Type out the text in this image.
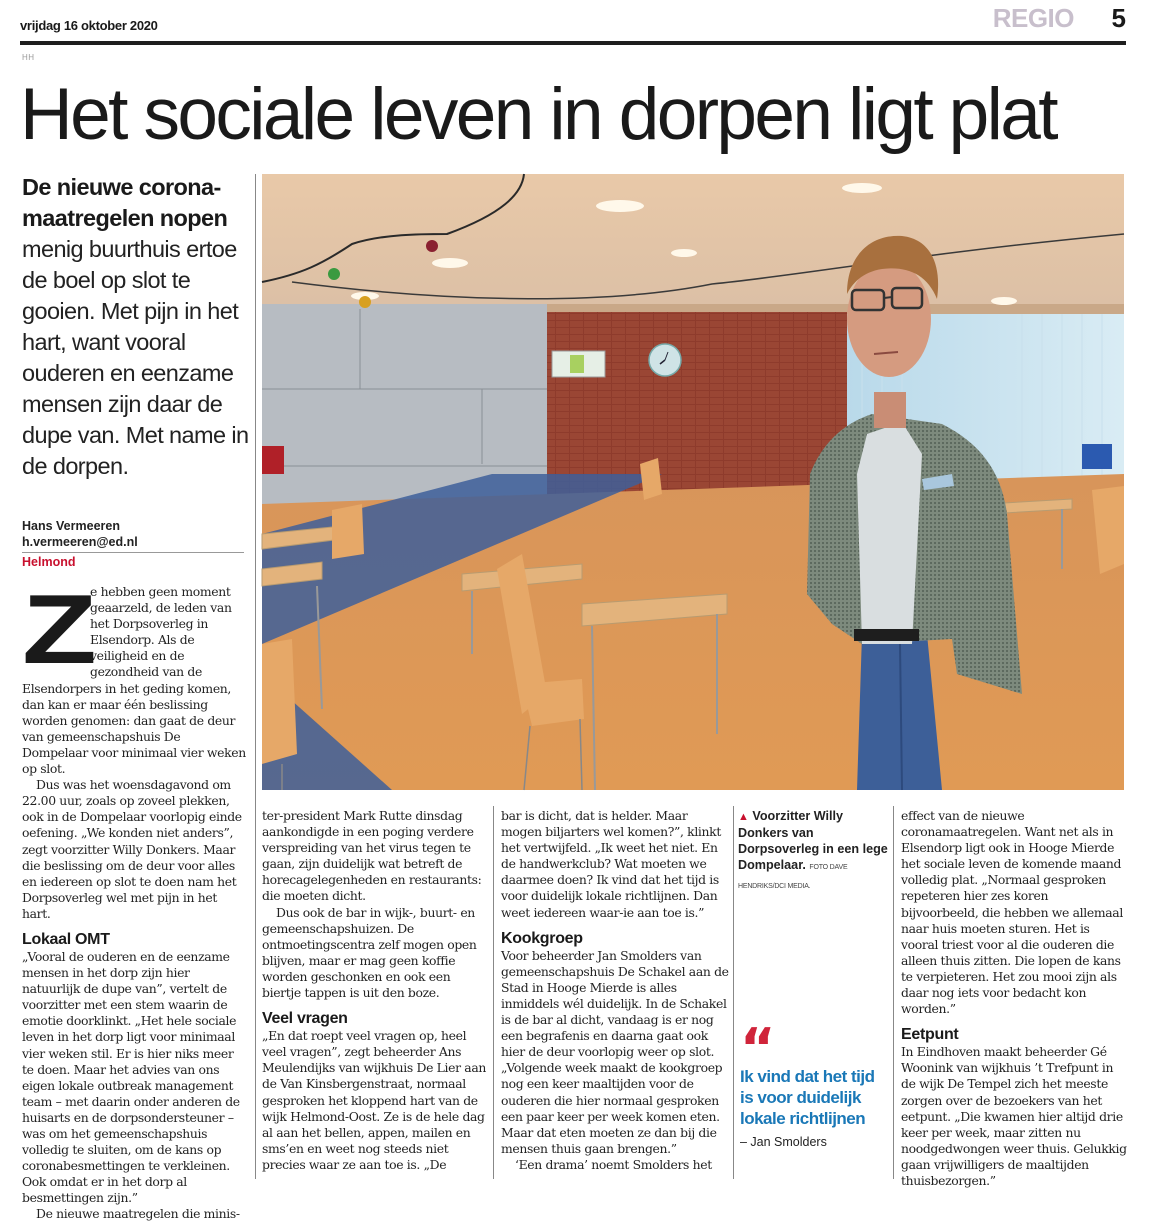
vrijdag 16 oktober 2020	REGIO 5
HH
Het sociale leven in dorpen ligt plat
De nieuwe corona-maatregelen nopen menig buurthuis ertoe de boel op slot te gooien. Met pijn in het hart, want vooral ouderen en eenzame mensen zijn daar de dupe van. Met name in de dorpen.
Hans Vermeeren
h.vermeeren@ed.nl
Helmond
Z

e hebben geen moment geaarzeld, de leden van het Dorpsoverleg in Elsendorp. Als de veiligheid en de gezondheid van de Elsendorpers in het geding komen, dan kan er maar één beslissing worden genomen: dan gaat de deur van gemeenschapshuis De Dompelaar voor minimaal vier weken op slot.

Dus was het woensdagavond om 22.00 uur, zoals op zoveel plekken, ook in de Dompelaar voorlopig einde oefening. „We konden niet anders”, zegt voorzitter Willy Donkers. Maar die beslissing om de deur voor alles en iedereen op slot te doen nam het Dorpsoverleg wel met pijn in het hart.

Lokaal OMT

„Vooral de ouderen en de eenzame mensen in het dorp zijn hier natuurlijk de dupe van”, vertelt de voorzitter met een stem waarin de emotie doorklinkt. „Het hele sociale leven in het dorp ligt voor minimaal vier weken stil. Er is hier niks meer te doen. Maar het advies van ons eigen lokale outbreak management team – met daarin onder anderen de huisarts en de dorpsondersteuner – was om het gemeenschapshuis volledig te sluiten, om de kans op coronabesmettingen te verkleinen. Ook omdat er in het dorp al besmettingen zijn.”

De nieuwe maatregelen die minis-

ter-president Mark Rutte dinsdag aankondigde in een poging verdere verspreiding van het virus tegen te gaan, zijn duidelijk wat betreft de horecagelegenheden en restaurants: die moeten dicht.

Dus ook de bar in wijk-, buurt- en gemeenschapshuizen. De ontmoetingscentra zelf mogen open blijven, maar er mag geen koffie worden geschonken en ook een biertje tappen is uit den boze.

Veel vragen

„En dat roept veel vragen op, heel veel vragen”, zegt beheerder Ans Meulendijks van wijkhuis De Lier aan de Van Kinsbergenstraat, normaal gesproken het kloppend hart van de wijk Helmond-Oost. Ze is de hele dag al aan het bellen, appen, mailen en sms’en en weet nog steeds niet precies waar ze aan toe is. „De

bar is dicht, dat is helder. Maar mogen biljarters wel komen?”, klinkt het vertwijfeld. „Ik weet het niet. En de handwerkclub? Wat moeten we daarmee doen? Ik vind dat het tijd is voor duidelijk lokale richtlijnen. Dan weet iedereen waar-ie aan toe is.”

Kookgroep

Voor beheerder Jan Smolders van gemeenschapshuis De Schakel aan de Stad in Hooge Mierde is alles inmiddels wél duidelijk. In de Schakel is de bar al dicht, vandaag is er nog een begrafenis en daarna gaat ook hier de deur voorlopig weer op slot. „Volgende week maakt de kookgroep nog een keer maaltijden voor de ouderen die hier normaal gesproken een paar keer per week komen eten. Maar dat eten moeten ze dan bij die mensen thuis gaan brengen.”

‘Een drama’ noemt Smolders het

▲ Voorzitter Willy Donkers van Dorpsoverleg in een lege Dompelaar. FOTO DAVE HENDRIKS/DCI MEDIA.
“
Ik vind dat het tijd is voor duidelijk lokale richtlijnen
– Jan Smolders

effect van de nieuwe coronamaatregelen. Want net als in Elsendorp ligt ook in Hooge Mierde het sociale leven de komende maand volledig plat. „Normaal gesproken repeteren hier zes koren bijvoorbeeld, die hebben we allemaal naar huis moeten sturen. Het is vooral triest voor al die ouderen die alleen thuis zitten. Die lopen de kans te verpieteren. Het zou mooi zijn als daar nog iets voor bedacht kon worden.”

Eetpunt

In Eindhoven maakt beheerder Gé Woonink van wijkhuis ’t Trefpunt in de wijk De Tempel zich het meeste zorgen over de bezoekers van het eetpunt. „Die kwamen hier altijd drie keer per week, maar zitten nu noodgedwongen weer thuis. Gelukkig gaan vrijwilligers de maaltijden thuisbezorgen.”
